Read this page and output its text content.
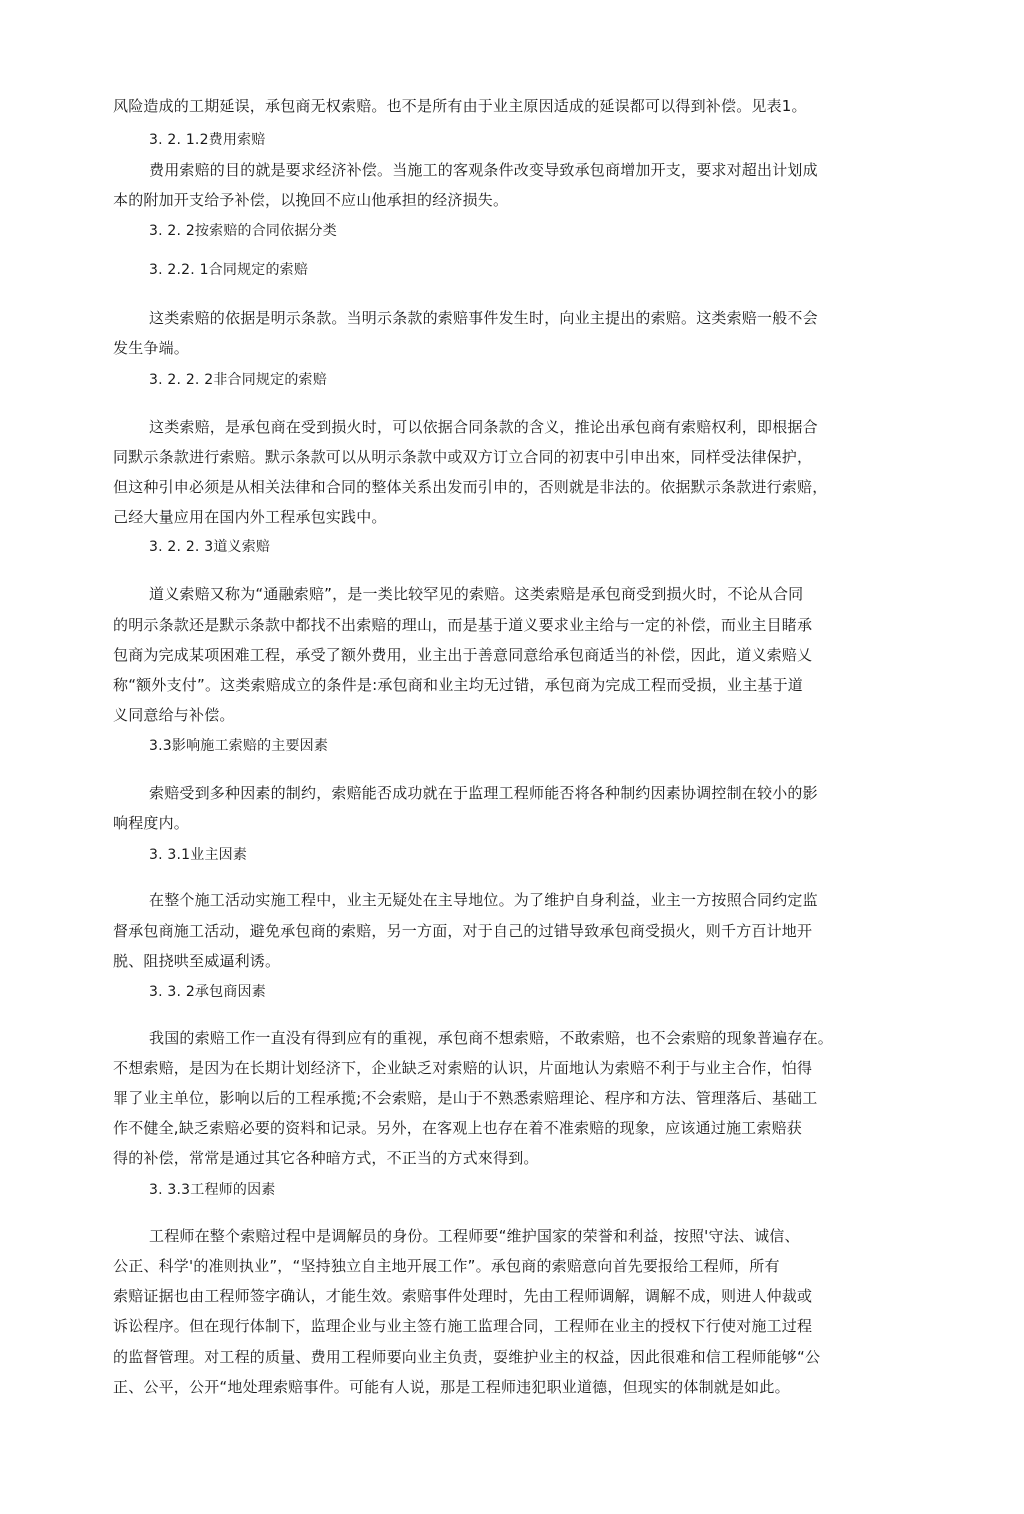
风险造成的工期延误，承包商无权索赔。也不是所有由于业主原因适成的延误都可以得到补偿。见表1。
3. 2. 1.2费用索赔
费用索赔的目的就是要求经济补偿。当施工的客观条件改变导致承包商增加开支，要求对超出计划成
本的附加开支给予补偿，以挽回不应山他承担的经济损失。
3. 2. 2按索赔的合同依据分类
3. 2.2. 1合同规定的索赔
这类索赔的依据是明示条款。当明示条款的索赔事件发生时，向业主提出的索赔。这类索赔一般不会
发生争端。
3. 2. 2. 2非合同规定的索赔
这类索赔，是承包商在受到损火时，可以依据合同条款的含义，推论出承包商有索赔权利，即根据合
同默示条款进行索赔。默示条款可以从明示条款中或双方订立合同的初衷中引申出來，同样受法律保护，
但这种引申必须是从相关法律和合同的整体关系出发而引申的，否则就是非法的。依据默示条款进行索赔，
己经大量应用在国内外工程承包实践中。
3. 2. 2. 3道义索赔
道义索赔又称为“通融索赔”，是一类比较罕见的索赔。这类索赔是承包商受到损火时，不论从合同
的明示条款还是默示条款中都找不出索赔的理山，而是基于道义要求业主给与一定的补偿，而业主目睹承
包商为完成某项困难工程，承受了额外费用，业主出于善意同意给承包商适当的补偿，因此，道义索赔乂
称“额外支付”。这类索赔成立的条件是:承包商和业主均无过错，承包商为完成工程而受损，业主基于道
义同意给与补偿。
3.3影响施工索赔的主要因素
索赔受到多种因素的制约，索赔能否成功就在于监理工程师能否将各种制约因素协调控制在较小的影
响程度内。
3. 3.1业主因素
在整个施工活动实施工程中，业主无疑处在主导地位。为了维护自身利益，业主一方按照合同约定监
督承包商施工活动，避免承包商的索赔，另一方面，对于自己的过错导致承包商受损火，则千方百计地开
脱、阻挠哄至威逼利诱。
3. 3. 2承包商因素
我国的索赔工作一直没有得到应有的重视，承包商不想索赔，不敢索赔，也不会索赔的现象普遍存在。
不想索赔，是因为在长期计划经济下，企业缺乏对索赔的认识，片面地认为索赔不利于与业主合作，怕得
罪了业主单位，影响以后的工程承揽;不会索赔，是山于不熟悉索赔理论、程序和方法、管理落后、基础工
作不健全,缺乏索赔必要的资料和记录。另外，在客观上也存在着不准索赔的现象，应该通过施工索赔获
得的补偿，常常是通过其它各种暗方式，不正当的方式來得到。
3. 3.3工程师的因素
工程师在整个索赔过程中是调解员的身份。工程师要“维护国家的荣誉和利益，按照'守法、诚信、
公正、科学'的准则执业”，“坚持独立自主地开展工作”。承包商的索赔意向首先要报给工程师，所有
索赔证据也由工程师签字确认，才能生效。索赔事件处理时，先由工程师调解，调解不成，则进人仲裁或
诉讼程序。但在现行体制下，监理企业与业主签冇施工监理合同，工程师在业主的授权下行使对施工过程
的监督管理。对工程的质量、费用工程师要向业主负责，耍维护业主的权益，因此很难和信工程师能够“公
正、公平，公开“地处理索赔事件。可能有人说，那是工程师违犯职业道德，但现实的体制就是如此。
